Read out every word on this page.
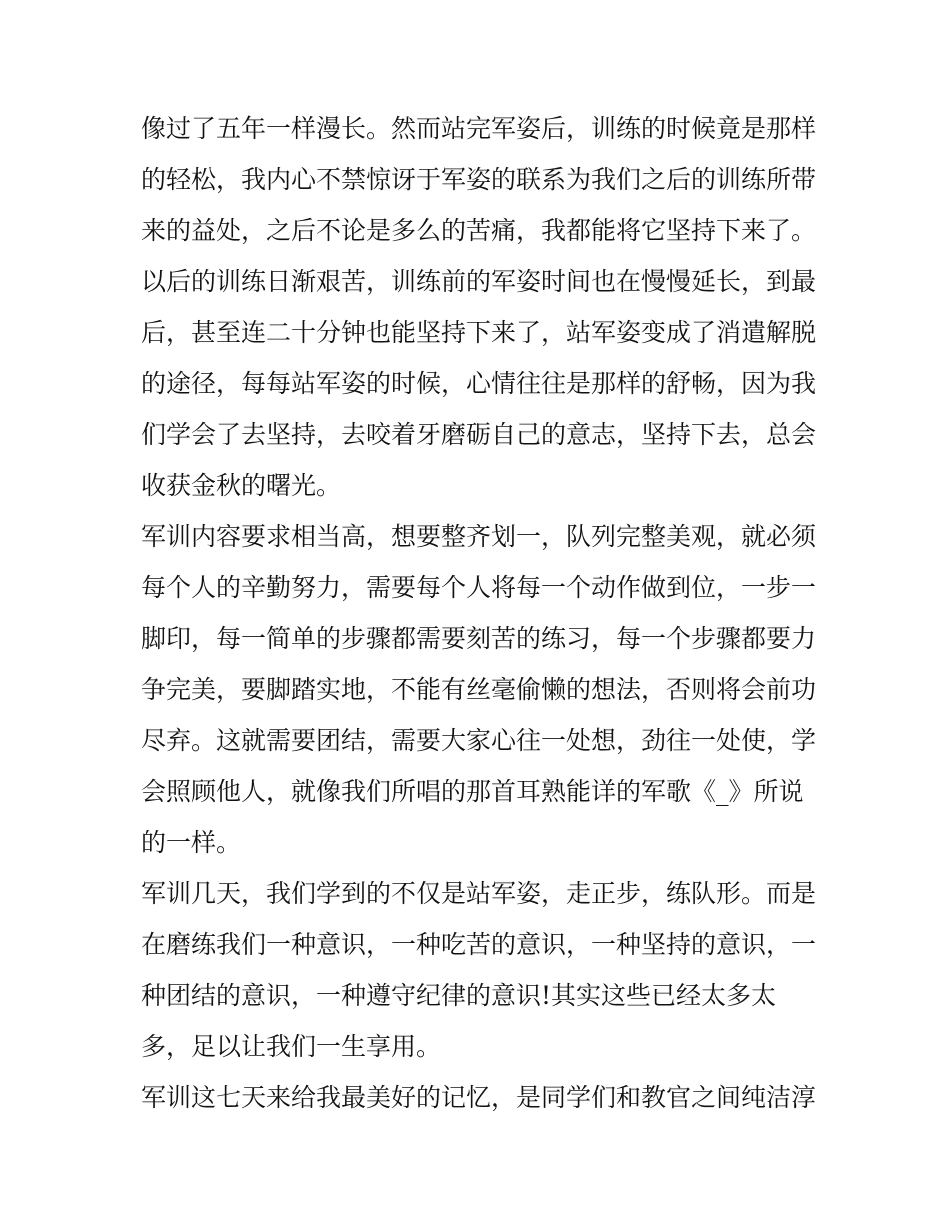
像过了五年一样漫长。然而站完军姿后，训练的时候竟是那样
的轻松，我内心不禁惊讶于军姿的联系为我们之后的训练所带
来的益处，之后不论是多么的苦痛，我都能将它坚持下来了。
以后的训练日渐艰苦，训练前的军姿时间也在慢慢延长，到最
后，甚至连二十分钟也能坚持下来了，站军姿变成了消遣解脱
的途径，每每站军姿的时候，心情往往是那样的舒畅，因为我
们学会了去坚持，去咬着牙磨砺自己的意志，坚持下去，总会
收获金秋的曙光。
军训内容要求相当高，想要整齐划一，队列完整美观，就必须
每个人的辛勤努力，需要每个人将每一个动作做到位，一步一
脚印，每一简单的步骤都需要刻苦的练习，每一个步骤都要力
争完美，要脚踏实地，不能有丝毫偷懒的想法，否则将会前功
尽弃。这就需要团结，需要大家心往一处想，劲往一处使，学
会照顾他人，就像我们所唱的那首耳熟能详的军歌《_》所说
的一样。
军训几天，我们学到的不仅是站军姿，走正步，练队形。而是
在磨练我们一种意识，一种吃苦的意识，一种坚持的意识，一
种团结的意识，一种遵守纪律的意识!其实这些已经太多太
多，足以让我们一生享用。
军训这七天来给我最美好的记忆，是同学们和教官之间纯洁淳
